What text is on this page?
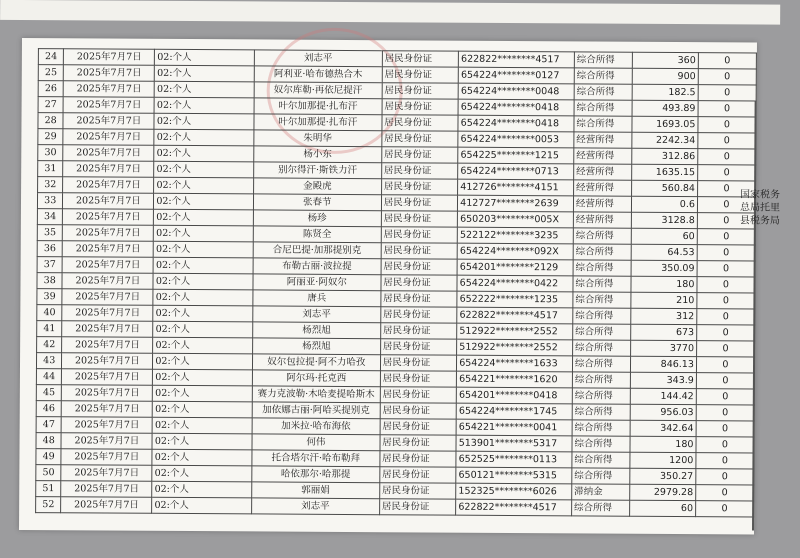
24	2025年7月7日	02:个人	刘志平	居民身份证	622822********4517	综合所得	360	0
25	2025年7月7日	02:个人	阿利亚·哈布德热合木	居民身份证	654224********0127	综合所得	900	0
26	2025年7月7日	02:个人	奴尔库勒·再依尼提汗	居民身份证	654224********0048	综合所得	182.5	0
27	2025年7月7日	02:个人	叶尔加那提·扎布汗	居民身份证	654224********0418	综合所得	493.89	0
28	2025年7月7日	02:个人	叶尔加那提·扎布汗	居民身份证	654224********0418	综合所得	1693.05	0
29	2025年7月7日	02:个人	朱明华	居民身份证	654224********0053	经营所得	2242.34	0
30	2025年7月7日	02:个人	杨小东	居民身份证	654225********1215	经营所得	312.86	0
31	2025年7月7日	02:个人	别尔得汗·斯铁力汗	居民身份证	654224********0713	经营所得	1635.15	0
32	2025年7月7日	02:个人	金殿虎	居民身份证	412726********4151	经营所得	560.84	0
33	2025年7月7日	02:个人	张春节	居民身份证	412727********2639	经营所得	0.6	0
34	2025年7月7日	02:个人	杨珍	居民身份证	650203********005X	经营所得	3128.8	0
35	2025年7月7日	02:个人	陈贤全	居民身份证	522122********3235	综合所得	60	0
36	2025年7月7日	02:个人	合尼巴提·加那提别克	居民身份证	654224********092X	综合所得	64.53	0
37	2025年7月7日	02:个人	布勒古丽·波拉提	居民身份证	654201********2129	综合所得	350.09	0
38	2025年7月7日	02:个人	阿丽亚·阿奴尔	居民身份证	654224********0422	综合所得	180	0
39	2025年7月7日	02:个人	唐兵	居民身份证	652222********1235	综合所得	210	0
40	2025年7月7日	02:个人	刘志平	居民身份证	622822********4517	综合所得	312	0
41	2025年7月7日	02:个人	杨烈旭	居民身份证	512922********2552	综合所得	673	0
42	2025年7月7日	02:个人	杨烈旭	居民身份证	512922********2552	综合所得	3770	0
43	2025年7月7日	02:个人	奴尔包拉提·阿不力哈孜	居民身份证	654224********1633	综合所得	846.13	0
44	2025年7月7日	02:个人	阿尔玛·托克西	居民身份证	654221********1620	综合所得	343.9	0
45	2025年7月7日	02:个人	赛力克波勒·木哈麦提哈斯木	居民身份证	654201********0418	综合所得	144.42	0
46	2025年7月7日	02:个人	加依娜古丽·阿哈买提别克	居民身份证	654224********1745	综合所得	956.03	0
47	2025年7月7日	02:个人	加米拉·哈布海依	居民身份证	654221********0041	综合所得	342.64	0
48	2025年7月7日	02:个人	何伟	居民身份证	513901********5317	综合所得	180	0
49	2025年7月7日	02:个人	托合塔尔汗·哈布勒拜	居民身份证	652525********0113	综合所得	1200	0
50	2025年7月7日	02:个人	哈依那尔·哈那提	居民身份证	650121********5315	综合所得	350.27	0
51	2025年7月7日	02:个人	郭丽娟	居民身份证	152325********6026	滞纳金	2979.28	0
52	2025年7月7日	02:个人	刘志平	居民身份证	622822********4517	综合所得	60	0
国家税务总局托里县税务局
